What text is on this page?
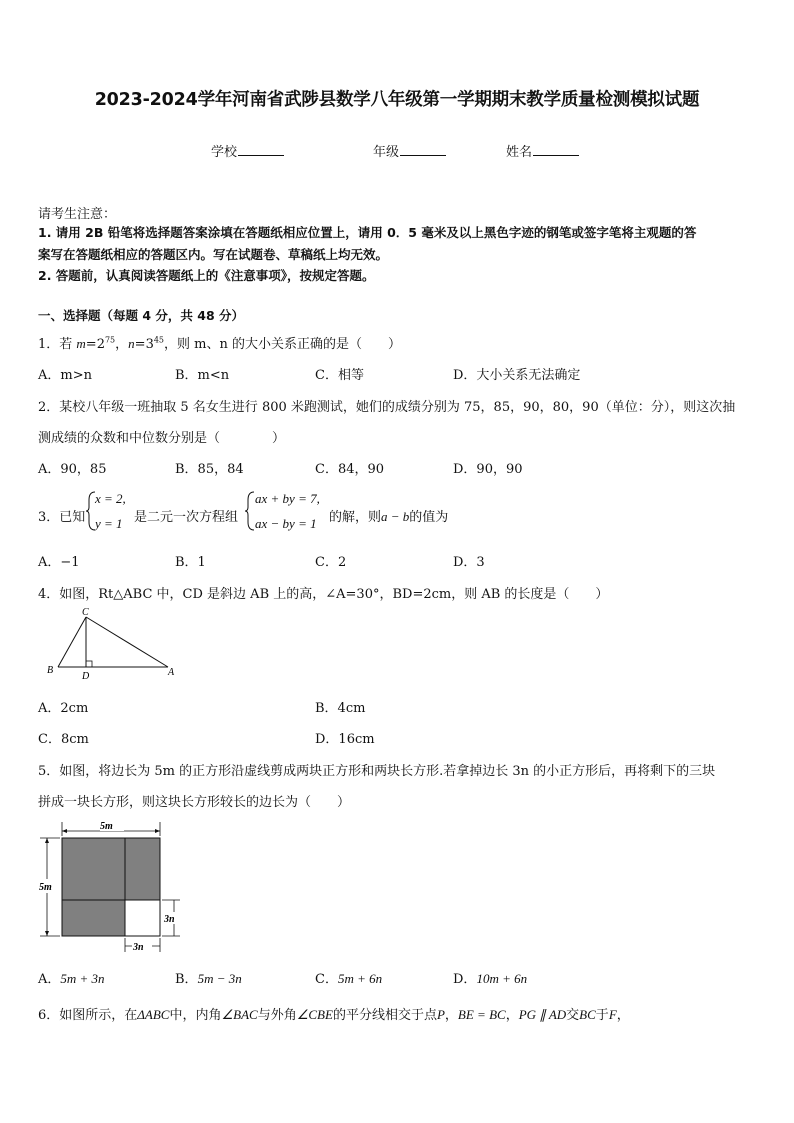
2023-2024学年河南省武陟县数学八年级第一学期期末教学质量检测模拟试题
学校	年级	姓名
请考生注意：
1. 请用 2B 铅笔将选择题答案涂填在答题纸相应位置上，请用 0．5 毫米及以上黑色字迹的钢笔或签字笔将主观题的答
案写在答题纸相应的答题区内。写在试题卷、草稿纸上均无效。
2. 答题前，认真阅读答题纸上的《注意事项》，按规定答题。
一、选择题（每题 4 分，共 48 分）
1．若 $m=2^{75}$，$n=3^{45}$，则 m、n 的大小关系正确的是（　　）
A．m>n	B．m<n	C．相等	D．大小关系无法确定
2．某校八年级一班抽取 5 名女生进行 800 米跑测试，她们的成绩分别为 75，85，90，80，90（单位：分），则这次抽
测成绩的众数和中位数分别是（　　　　）
A．90，85	B．85，84	C．84，90	D．90，90
3．已知
x = 2,
y = 1 是二元一次方程组
ax + by = 7,
ax − by = 1 的解，则a − b的值为
A．−1	B．1	C．2	D．3
4．如图，Rt△ABC 中，CD 是斜边 AB 上的高，∠A=30°，BD=2cm，则 AB 的长度是（　　）
C
B
D	A
A．2cm	B．4cm
C．8cm	D．16cm
5．如图，将边长为 5m 的正方形沿虚线剪成两块正方形和两块长方形.若拿掉边长 3n 的小正方形后，再将剩下的三块
拼成一块长方形，则这块长方形较长的边长为（　　）
5m
5m
3n
3n
A．5m + 3n	B．5m − 3n	C．5m + 6n	D．10m + 6n
6．如图所示，在ΔABC中，内角∠BAC与外角∠CBE的平分线相交于点P，BE = BC，PG ∥ AD交BC于F，
